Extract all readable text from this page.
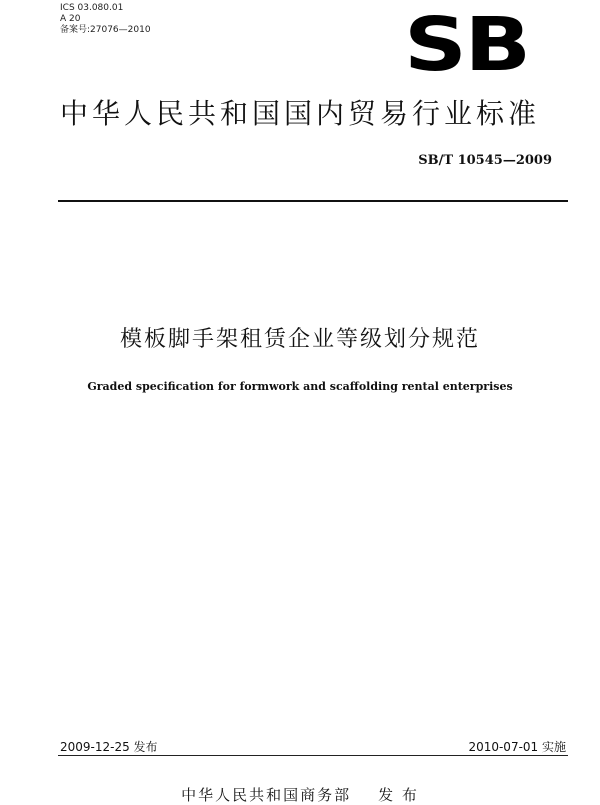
ICS 03.080.01
A 20
备案号:27076—2010	SB
中华人民共和国国内贸易行业标准
SB/T 10545—2009
模板脚手架租赁企业等级划分规范
Graded specification for formwork and scaffolding rental enterprises
2009-12-25 发布	2010-07-01 实施
中华人民共和国商务部    发 布
